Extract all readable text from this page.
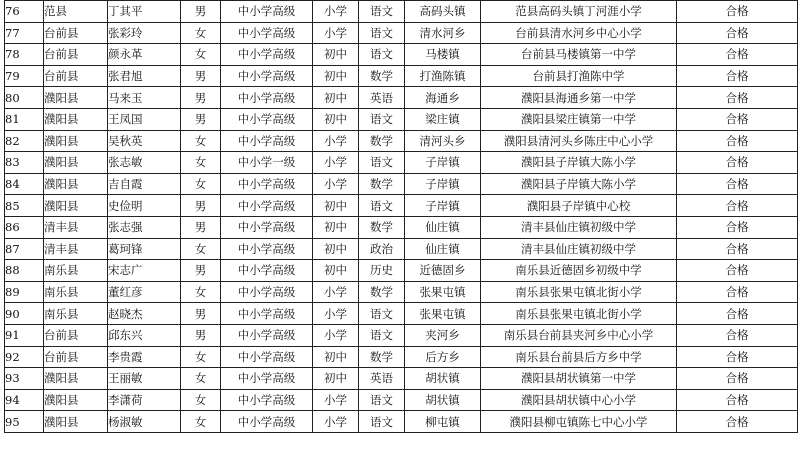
76	范县	丁其平	男	中小学高级	小学	语文	高码头镇	范县高码头镇丁河涯小学	合格
77	台前县	张彩玲	女	中小学高级	小学	语文	清水河乡	台前县清水河乡中心小学	合格
78	台前县	颜永革	女	中小学高级	初中	语文	马楼镇	台前县马楼镇第一中学	合格
79	台前县	张君旭	男	中小学高级	初中	数学	打渔陈镇	台前县打渔陈中学	合格
80	濮阳县	马来玉	男	中小学高级	初中	英语	海通乡	濮阳县海通乡第一中学	合格
81	濮阳县	王凤国	男	中小学高级	初中	语文	梁庄镇	濮阳县梁庄镇第一中学	合格
82	濮阳县	吴秋英	女	中小学高级	小学	数学	清河头乡	濮阳县清河头乡陈庄中心小学	合格
83	濮阳县	张志敏	女	中小学一级	小学	语文	子岸镇	濮阳县子岸镇大陈小学	合格
84	濮阳县	吉自霞	女	中小学高级	小学	数学	子岸镇	濮阳县子岸镇大陈小学	合格
85	濮阳县	史俭明	男	中小学高级	初中	语文	子岸镇	濮阳县子岸镇中心校	合格
86	清丰县	张志强	男	中小学高级	初中	数学	仙庄镇	清丰县仙庄镇初级中学	合格
87	清丰县	葛珂锋	女	中小学高级	初中	政治	仙庄镇	清丰县仙庄镇初级中学	合格
88	南乐县	宋志广	男	中小学高级	初中	历史	近德固乡	南乐县近德固乡初级中学	合格
89	南乐县	董红彦	女	中小学高级	小学	数学	张果屯镇	南乐县张果屯镇北街小学	合格
90	南乐县	赵晓杰	男	中小学高级	小学	语文	张果屯镇	南乐县张果屯镇北街小学	合格
91	台前县	邱东兴	男	中小学高级	小学	语文	夹河乡	南乐县台前县夹河乡中心小学	合格
92	台前县	李贵霞	女	中小学高级	初中	数学	后方乡	南乐县台前县后方乡中学	合格
93	濮阳县	王丽敏	女	中小学高级	初中	英语	胡状镇	濮阳县胡状镇第一中学	合格
94	濮阳县	李潇荷	女	中小学高级	小学	语文	胡状镇	濮阳县胡状镇中心小学	合格
95	濮阳县	杨淑敏	女	中小学高级	小学	语文	柳屯镇	濮阳县柳屯镇陈七中心小学	合格
